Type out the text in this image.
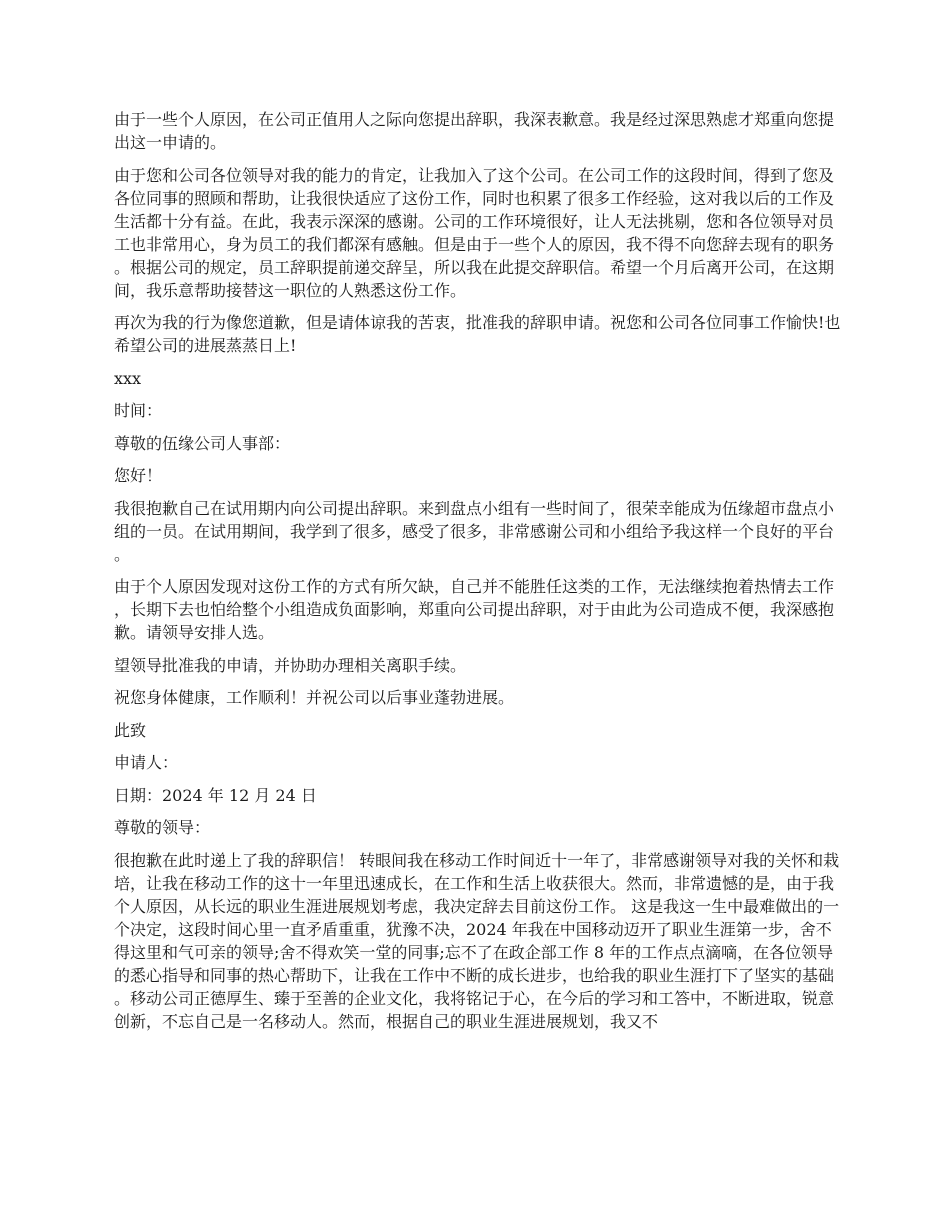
由于一些个人原因，在公司正值用人之际向您提出辞职，我深表歉意。我是经过深思熟虑才郑重向您提出这一申请的。

由于您和公司各位领导对我的能力的肯定，让我加入了这个公司。在公司工作的这段时间，得到了您及各位同事的照顾和帮助，让我很快适应了这份工作，同时也积累了很多工作经验，这对我以后的工作及生活都十分有益。在此，我表示深深的感谢。公司的工作环境很好，让人无法挑剔，您和各位领导对员工也非常用心，身为员工的我们都深有感触。但是由于一些个人的原因，我不得不向您辞去现有的职务。根据公司的规定，员工辞职提前递交辞呈，所以我在此提交辞职信。希望一个月后离开公司，在这期间，我乐意帮助接替这一职位的人熟悉这份工作。

再次为我的行为像您道歉，但是请体谅我的苦衷，批准我的辞职申请。祝您和公司各位同事工作愉快!也希望公司的进展蒸蒸日上!

xxx

时间：

尊敬的伍缘公司人事部：

您好！

我很抱歉自己在试用期内向公司提出辞职。来到盘点小组有一些时间了，很荣幸能成为伍缘超市盘点小组的一员。在试用期间，我学到了很多，感受了很多，非常感谢公司和小组给予我这样一个良好的平台。

由于个人原因发现对这份工作的方式有所欠缺，自己并不能胜任这类的工作，无法继续抱着热情去工作，长期下去也怕给整个小组造成负面影响，郑重向公司提出辞职，对于由此为公司造成不便，我深感抱歉。请领导安排人选。

望领导批准我的申请，并协助办理相关离职手续。

祝您身体健康，工作顺利！并祝公司以后事业蓬勃进展。

此致

申请人：

日期：2024 年 12 月 24 日

尊敬的领导：

很抱歉在此时递上了我的辞职信！ 转眼间我在移动工作时间近十一年了，非常感谢领导对我的关怀和栽培，让我在移动工作的这十一年里迅速成长，在工作和生活上收获很大。然而，非常遗憾的是，由于我个人原因，从长远的职业生涯进展规划考虑，我决定辞去目前这份工作。 这是我这一生中最难做出的一个决定，这段时间心里一直矛盾重重，犹豫不决，2024 年我在中国移动迈开了职业生涯第一步，舍不得这里和气可亲的领导;舍不得欢笑一堂的同事;忘不了在政企部工作 8 年的工作点点滴嘀，在各位领导的悉心指导和同事的热心帮助下，让我在工作中不断的成长进步，也给我的职业生涯打下了坚实的基础。移动公司正德厚生、臻于至善的企业文化，我将铭记于心，在今后的学习和工答中，不断进取，锐意创新，不忘自己是一名移动人。然而，根据自己的职业生涯进展规划，我又不
